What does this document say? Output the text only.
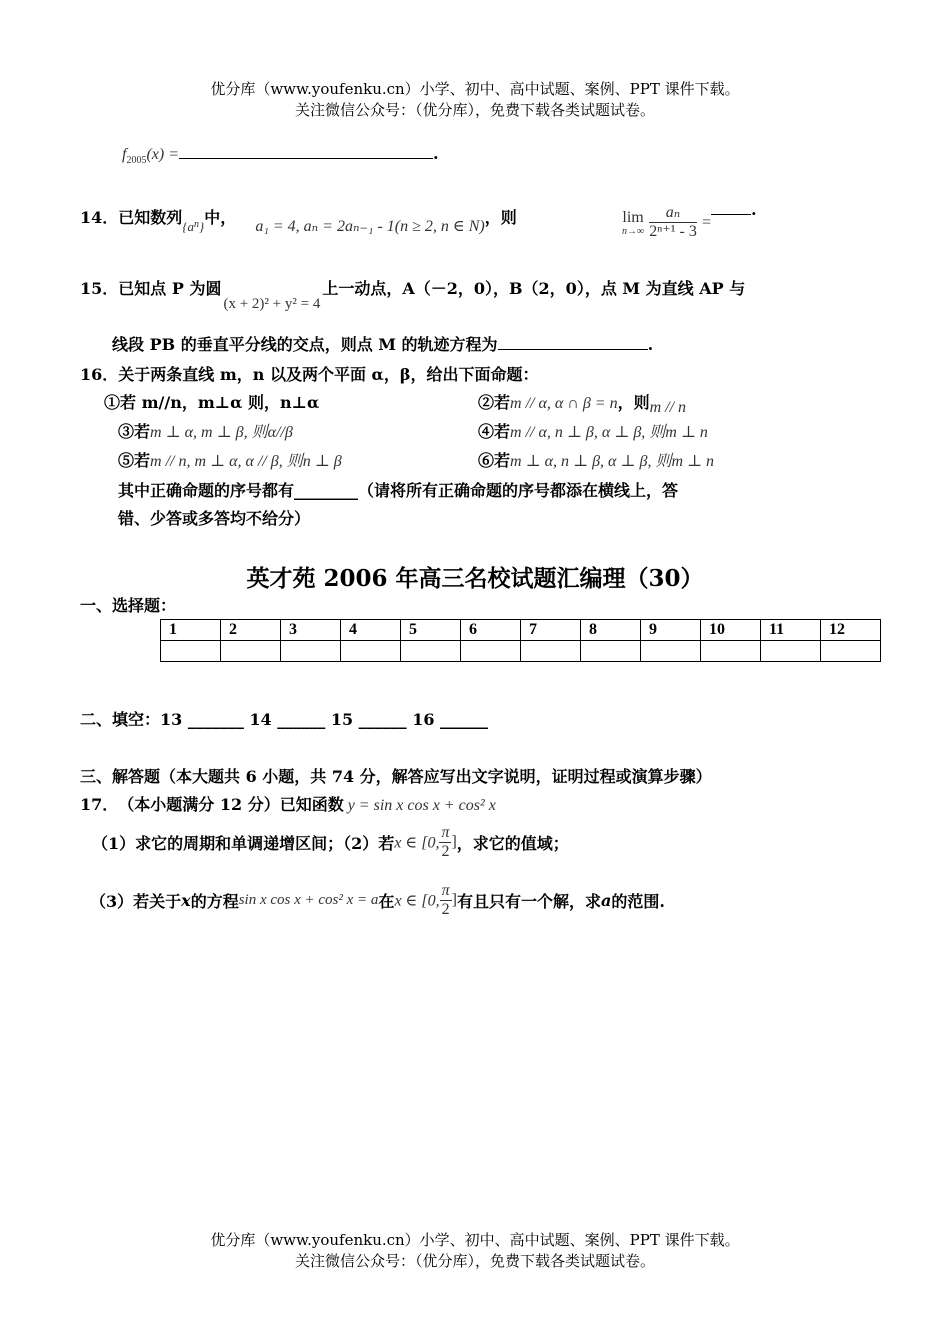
优分库（www.youfenku.cn）小学、初中、高中试题、案例、PPT 课件下载。
关注微信公众号：（优分库），免费下载各类试题试卷。
$f_{2005}(x)$ =	.
14．已知数列$_{\{an\}}$中， a₁ = 4, aₙ = 2aₙ₋₁ - 1(n ≥ 2, n ∈ N)，则	lim
n→∞
$\frac{\text{aₙ}}{\text{2ⁿ⁺¹ - 3}}$ =.
15．已知点 P 为圆(x + 2)² + y² = 4上一动点，A（－2，0），B（2，0），点 M 为直线 AP 与
线段 PB 的垂直平分线的交点，则点 M 的轨迹方程为	.
16．关于两条直线 m，n 以及两个平面 α，β，给出下面命题：
①若 m//n，m⊥α 则，n⊥α	②若m // α, α ∩ β = n，则m // n
③若m ⊥ α, m ⊥ β, 则α//β	④若m // α, n ⊥ β, α ⊥ β, 则m ⊥ n
⑤若m // n, m ⊥ α, α // β, 则n ⊥ β	⑥若m ⊥ α, n ⊥ β, α ⊥ β, 则m ⊥ n
其中正确命题的序号都有________（请将所有正确命题的序号都添在横线上，答
错、少答或多答均不给分）
英才苑 2006 年高三名校试题汇编理（30）
一、选择题：
1	2	3	4	5	6	7	8	9	10	11	12

二、填空：13 _______ 14 ______ 15 ______ 16 ______
三、解答题（本大题共 6 小题，共 74 分，解答应写出文字说明，证明过程或演算步骤）
17． （本小题满分 12 分）已知函数 y = sin x cos x + cos² x
（1）求它的周期和单调递增区间；（2）若x ∈ [0, $\frac{\pi}{2}$ ]，求它的值域；
（3）若关于x的方程sin x cos x + cos² x = a在x ∈ [0, $\frac{\pi}{2}$ ]有且只有一个解，求a的范围.
优分库（www.youfenku.cn）小学、初中、高中试题、案例、PPT 课件下载。
关注微信公众号：（优分库），免费下载各类试题试卷。
